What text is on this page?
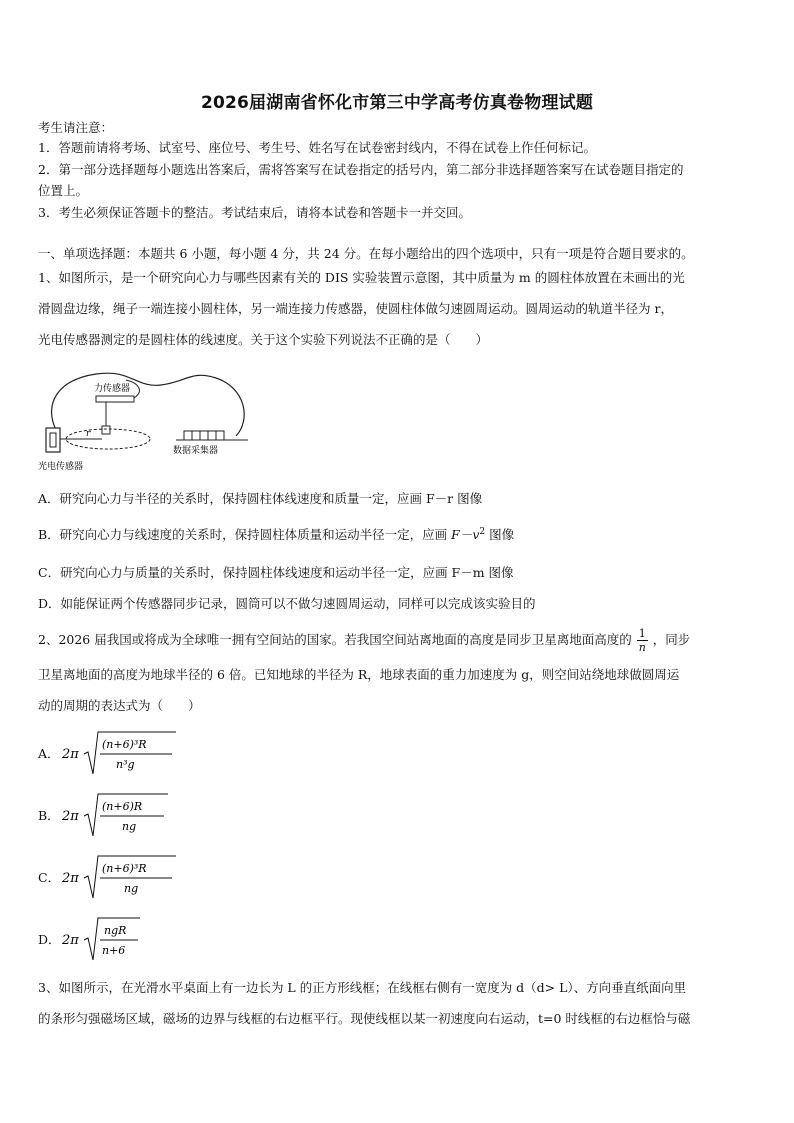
2026届湖南省怀化市第三中学高考仿真卷物理试题
考生请注意：
1．答题前请将考场、试室号、座位号、考生号、姓名写在试卷密封线内，不得在试卷上作任何标记。
2．第一部分选择题每小题选出答案后，需将答案写在试卷指定的括号内，第二部分非选择题答案写在试卷题目指定的
位置上。
3．考生必须保证答题卡的整洁。考试结束后，请将本试卷和答题卡一并交回。
一、单项选择题：本题共 6 小题，每小题 4 分，共 24 分。在每小题给出的四个选项中，只有一项是符合题目要求的。
1、如图所示，是一个研究向心力与哪些因素有关的 DIS 实验装置示意图，其中质量为 m 的圆柱体放置在未画出的光
滑圆盘边缘，绳子一端连接小圆柱体，另一端连接力传感器，使圆柱体做匀速圆周运动。圆周运动的轨道半径为 r，
光电传感器测定的是圆柱体的线速度。关于这个实验下列说法不正确的是（　　）
力传感器
r
光电传感器
数据采集器
A．研究向心力与半径的关系时，保持圆柱体线速度和质量一定，应画 F－r 图像
B．研究向心力与线速度的关系时，保持圆柱体质量和运动半径一定，应画 $F-v^2$ 图像
C．研究向心力与质量的关系时，保持圆柱体线速度和运动半径一定，应画 F－m 图像
D．如能保证两个传感器同步记录，圆筒可以不做匀速圆周运动，同样可以完成该实验目的
2、2026 届我国或将成为全球唯一拥有空间站的国家。若我国空间站离地面的高度是同步卫星离地面高度的 $\frac{1}{n}$ ，同步
卫星离地面的高度为地球半径的 6 倍。已知地球的半径为 R，地球表面的重力加速度为 g，则空间站绕地球做圆周运
动的周期的表达式为（　　）
A． 2π
(n+6)³R
n³g
B． 2π
(n+6)R
ng
C． 2π
(n+6)³R
ng
D． 2π
ngR
n+6
3、如图所示，在光滑水平桌面上有一边长为 L 的正方形线框；在线框右侧有一宽度为 d（d> L）、方向垂直纸面向里
的条形匀强磁场区域，磁场的边界与线框的右边框平行。现使线框以某一初速度向右运动，t=0 时线框的右边框恰与磁
